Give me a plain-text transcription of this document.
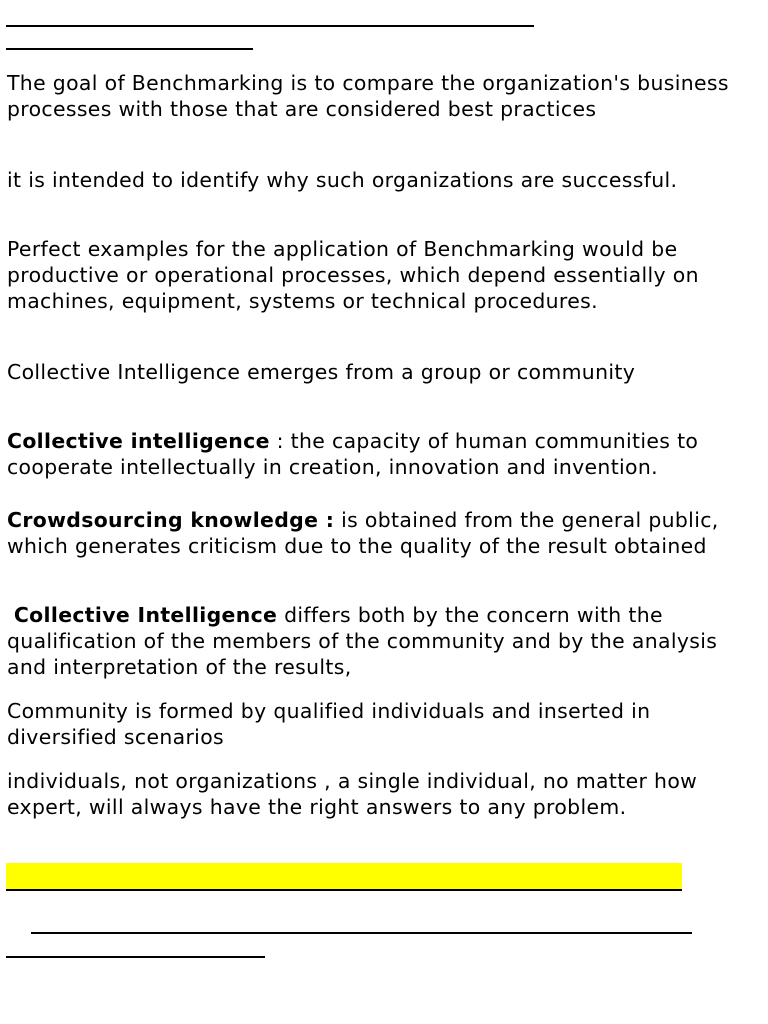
The goal of Benchmarking is to compare the organization's business processes with those that are considered best practices

it is intended to identify why such organizations are successful.

Perfect examples for the application of Benchmarking would be productive or operational processes, which depend essentially on machines, equipment, systems or technical procedures.

Collective Intelligence emerges from a group or community

Collective intelligence : the capacity of human communities to cooperate intellectually in creation, innovation and invention.

Crowdsourcing knowledge : is obtained from the general public, which generates criticism due to the quality of the result obtained

Collective Intelligence differs both by the concern with the qualification of the members of the community and by the analysis and interpretation of the results,

Community is formed by qualified individuals and inserted in diversified scenarios

individuals, not organizations , a single individual, no matter how expert, will always have the right answers to any problem.
